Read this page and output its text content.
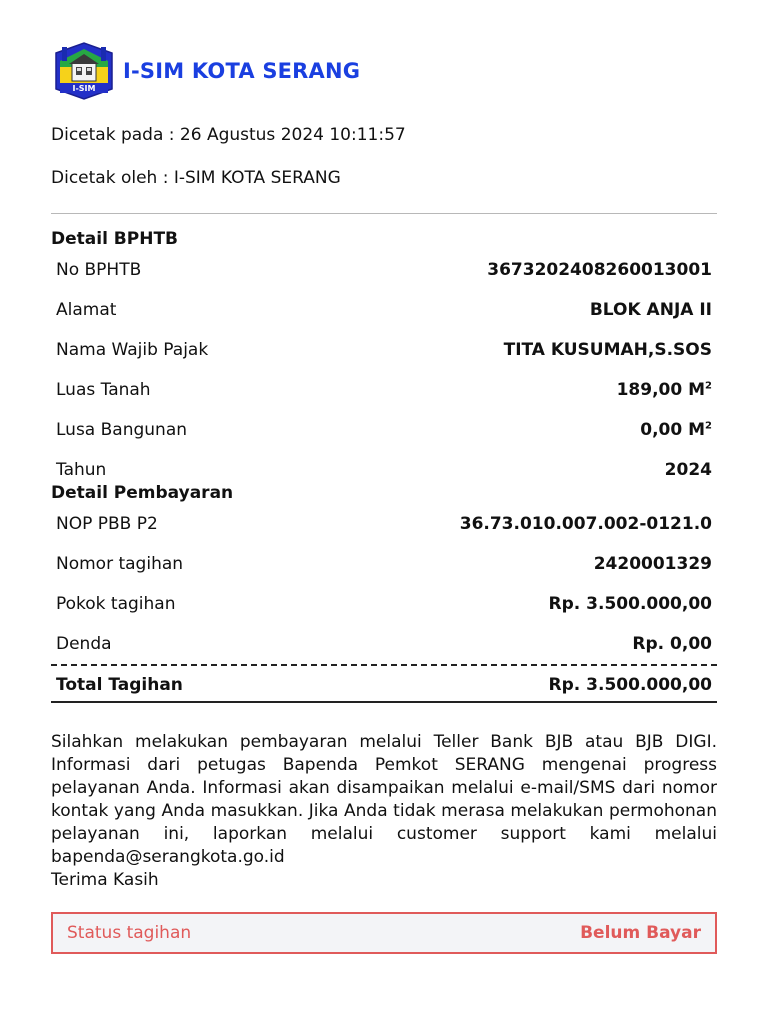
I-SIM
I-SIM KOTA SERANG

Dicetak pada : 26 Agustus 2024 10:11:57

Dicetak oleh : I-SIM KOTA SERANG

Detail BPHTB

No BPHTB	3673202408260013001
Alamat	BLOK ANJA II
Nama Wajib Pajak	TITA KUSUMAH,S.SOS
Luas Tanah	189,00 $M^2$
Lusa Bangunan	0,00 $M^2$
Tahun	2024

Detail Pembayaran

NOP PBB P2	36.73.010.007.002-0121.0
Nomor tagihan	2420001329
Pokok tagihan	Rp. 3.500.000,00
Denda	Rp. 0,00
Total Tagihan	Rp. 3.500.000,00
Silahkan melakukan pembayaran melalui Teller Bank BJB atau BJB DIGI. Informasi dari petugas Bapenda Pemkot SERANG mengenai progress pelayanan Anda. Informasi akan disampaikan melalui e-mail/SMS dari nomor kontak yang Anda masukkan. Jika Anda tidak merasa melakukan permohonan pelayanan ini, laporkan melalui customer support kami melalui bapenda@serangkota.go.id
Terima Kasih
Status tagihan	Belum Bayar
